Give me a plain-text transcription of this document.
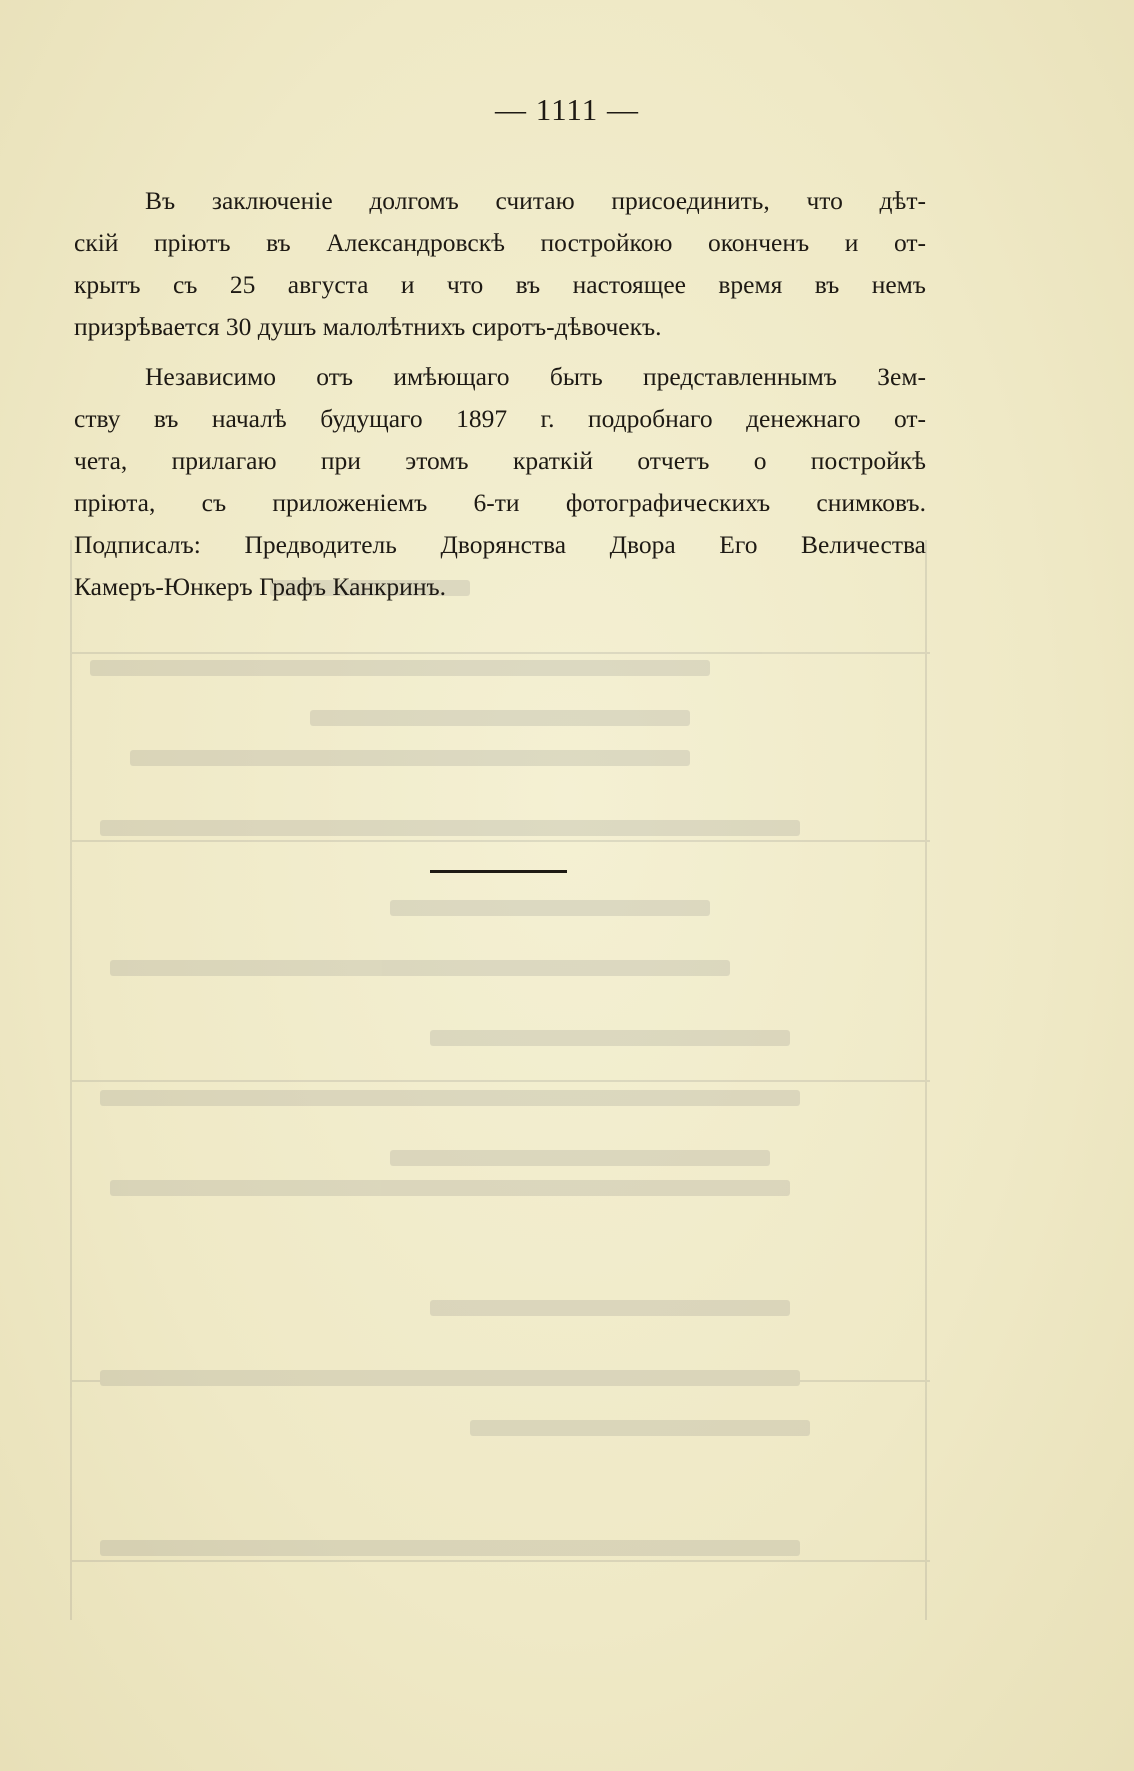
— 1111 —
Въ заключеніе долгомъ считаю присоединить, что дѣт-
скій пріютъ въ Александровскѣ постройкою оконченъ и от-
крытъ съ 25 августа и что въ настоящее время въ немъ
призрѣвается 30 душъ малолѣтнихъ сиротъ-дѣвочекъ.
Независимо отъ имѣющаго быть представленнымъ Зем-
ству въ началѣ будущаго 1897 г. подробнаго денежнаго от-
чета, прилагаю при этомъ краткій отчетъ о постройкѣ
пріюта, съ приложеніемъ 6-ти фотографическихъ снимковъ.
Подписалъ: Предводитель Дворянства Двора Его Величества
Камеръ-Юнкеръ Графъ Канкринъ.
